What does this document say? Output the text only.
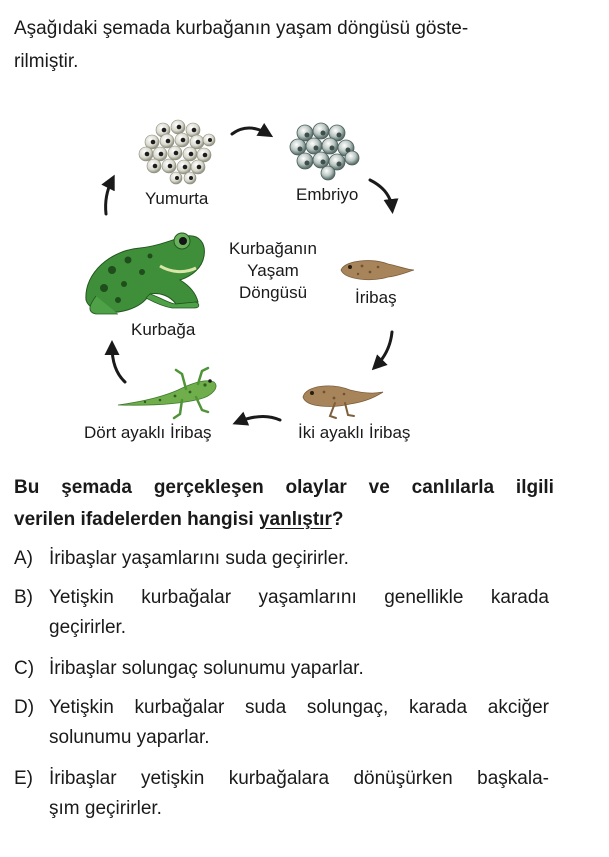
Aşağıdaki şemada kurbağanın yaşam döngüsü göste-
rilmiştir.
Yumurta	Embriyo
İribaş
İki ayaklı İribaş
Dört ayaklı İribaş
Kurbağa
Kurbağanın
Yaşam
Döngüsü
Bu şemada gerçekleşen olaylar ve canlılarla ilgili
verilen ifadelerden hangisi yanlıştır?
A) İribaşlar yaşamlarını suda geçirirler.
B) Yetişkin kurbağalar yaşamlarını genellikle karada
geçirirler.
C) İribaşlar solungaç solunumu yaparlar.
D) Yetişkin kurbağalar suda solungaç, karada akciğer
solunumu yaparlar.
E) İribaşlar yetişkin kurbağalara dönüşürken başkala-
şım geçirirler.
